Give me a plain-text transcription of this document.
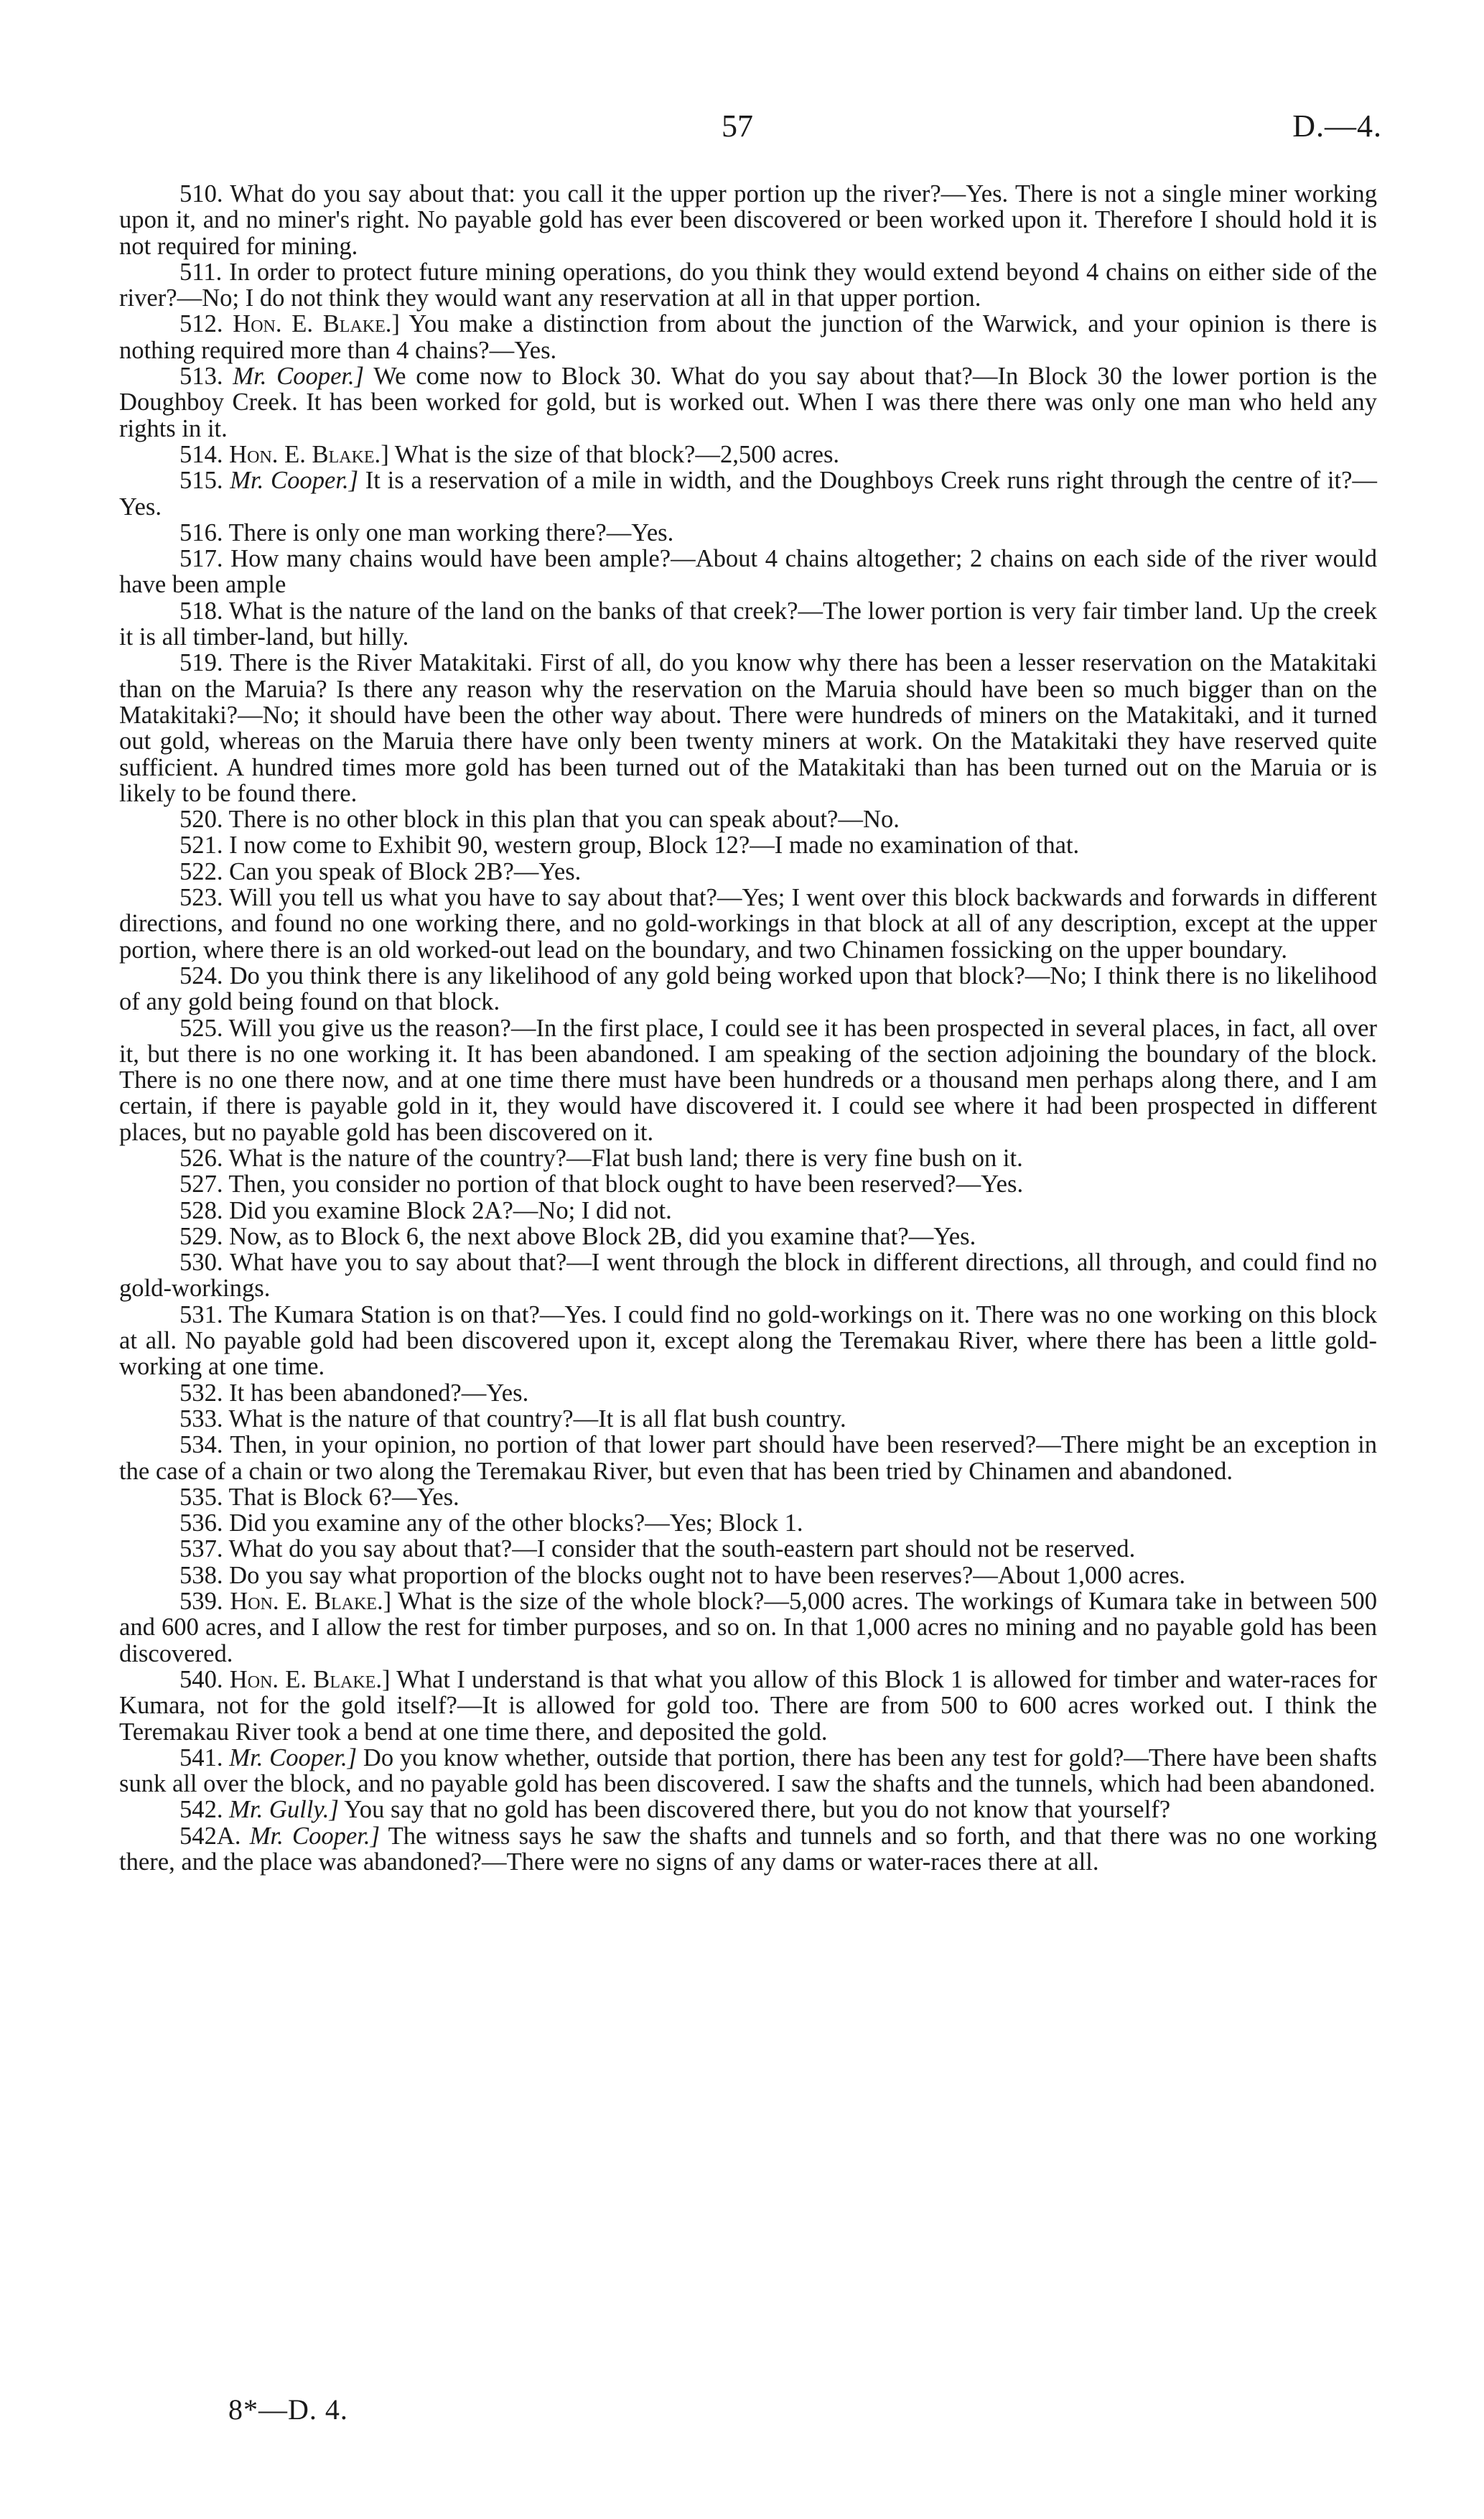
57	D.—4.

510. What do you say about that: you call it the upper portion up the river?—Yes. There is not a single miner working upon it, and no miner's right. No payable gold has ever been discovered or been worked upon it. Therefore I should hold it is not required for mining.

511. In order to protect future mining operations, do you think they would extend beyond 4 chains on either side of the river?—No; I do not think they would want any reservation at all in that upper portion.

512. Hon. E. Blake.] You make a distinction from about the junction of the Warwick, and your opinion is there is nothing required more than 4 chains?—Yes.

513. Mr. Cooper.] We come now to Block 30. What do you say about that?—In Block 30 the lower portion is the Doughboy Creek. It has been worked for gold, but is worked out. When I was there there was only one man who held any rights in it.

514. Hon. E. Blake.] What is the size of that block?—2,500 acres.

515. Mr. Cooper.] It is a reservation of a mile in width, and the Doughboys Creek runs right through the centre of it?—Yes.

516. There is only one man working there?—Yes.

517. How many chains would have been ample?—About 4 chains altogether; 2 chains on each side of the river would have been ample

518. What is the nature of the land on the banks of that creek?—The lower portion is very fair timber land. Up the creek it is all timber-land, but hilly.

519. There is the River Matakitaki. First of all, do you know why there has been a lesser reservation on the Matakitaki than on the Maruia? Is there any reason why the reservation on the Maruia should have been so much bigger than on the Matakitaki?—No; it should have been the other way about. There were hundreds of miners on the Matakitaki, and it turned out gold, whereas on the Maruia there have only been twenty miners at work. On the Matakitaki they have reserved quite sufficient. A hundred times more gold has been turned out of the Matakitaki than has been turned out on the Maruia or is likely to be found there.

520. There is no other block in this plan that you can speak about?—No.

521. I now come to Exhibit 90, western group, Block 12?—I made no examination of that.

522. Can you speak of Block 2B?—Yes.

523. Will you tell us what you have to say about that?—Yes; I went over this block backwards and forwards in different directions, and found no one working there, and no gold-workings in that block at all of any description, except at the upper portion, where there is an old worked-out lead on the boundary, and two Chinamen fossicking on the upper boundary.

524. Do you think there is any likelihood of any gold being worked upon that block?—No; I think there is no likelihood of any gold being found on that block.

525. Will you give us the reason?—In the first place, I could see it has been prospected in several places, in fact, all over it, but there is no one working it. It has been abandoned. I am speaking of the section adjoining the boundary of the block. There is no one there now, and at one time there must have been hundreds or a thousand men perhaps along there, and I am certain, if there is payable gold in it, they would have discovered it. I could see where it had been prospected in different places, but no payable gold has been discovered on it.

526. What is the nature of the country?—Flat bush land; there is very fine bush on it.

527. Then, you consider no portion of that block ought to have been reserved?—Yes.

528. Did you examine Block 2A?—No; I did not.

529. Now, as to Block 6, the next above Block 2B, did you examine that?—Yes.

530. What have you to say about that?—I went through the block in different directions, all through, and could find no gold-workings.

531. The Kumara Station is on that?—Yes. I could find no gold-workings on it. There was no one working on this block at all. No payable gold had been discovered upon it, except along the Teremakau River, where there has been a little gold-working at one time.

532. It has been abandoned?—Yes.

533. What is the nature of that country?—It is all flat bush country.

534. Then, in your opinion, no portion of that lower part should have been reserved?—There might be an exception in the case of a chain or two along the Teremakau River, but even that has been tried by Chinamen and abandoned.

535. That is Block 6?—Yes.

536. Did you examine any of the other blocks?—Yes; Block 1.

537. What do you say about that?—I consider that the south-eastern part should not be reserved.

538. Do you say what proportion of the blocks ought not to have been reserves?—About 1,000 acres.

539. Hon. E. Blake.] What is the size of the whole block?—5,000 acres. The workings of Kumara take in between 500 and 600 acres, and I allow the rest for timber purposes, and so on. In that 1,000 acres no mining and no payable gold has been discovered.

540. Hon. E. Blake.] What I understand is that what you allow of this Block 1 is allowed for timber and water-races for Kumara, not for the gold itself?—It is allowed for gold too. There are from 500 to 600 acres worked out. I think the Teremakau River took a bend at one time there, and deposited the gold.

541. Mr. Cooper.] Do you know whether, outside that portion, there has been any test for gold?—There have been shafts sunk all over the block, and no payable gold has been discovered. I saw the shafts and the tunnels, which had been abandoned.

542. Mr. Gully.] You say that no gold has been discovered there, but you do not know that yourself?

542A. Mr. Cooper.] The witness says he saw the shafts and tunnels and so forth, and that there was no one working there, and the place was abandoned?—There were no signs of any dams or water-races there at all.

8*—D. 4.
